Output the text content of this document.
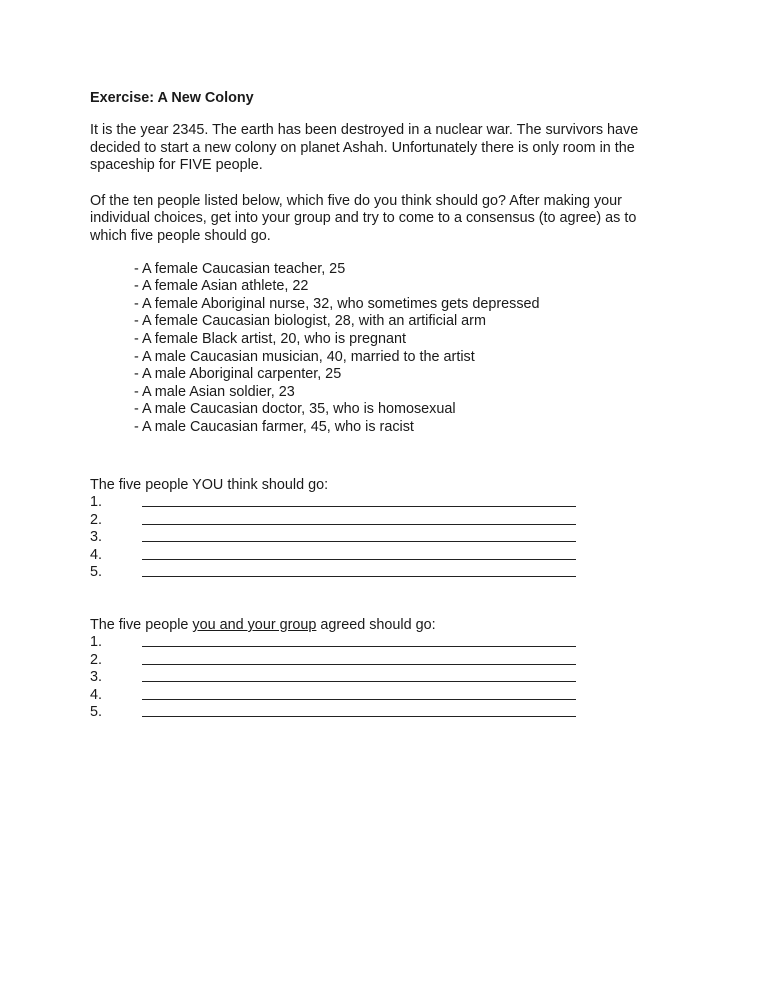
Exercise: A New Colony

It is the year 2345. The earth has been destroyed in a nuclear war. The survivors have decided to start a new colony on planet Ashah. Unfortunately there is only room in the spaceship for FIVE people.

Of the ten people listed below, which five do you think should go? After making your individual choices, get into your group and try to come to a consensus (to agree) as to which five people should go.

- A female Caucasian teacher, 25
- A female Asian athlete, 22
- A female Aboriginal nurse, 32, who sometimes gets depressed
- A female Caucasian biologist, 28, with an artificial arm
- A female Black artist, 20, who is pregnant
- A male Caucasian musician, 40, married to the artist
- A male Aboriginal carpenter, 25
- A male Asian soldier, 23
- A male Caucasian doctor, 35, who is homosexual
- A male Caucasian farmer, 45, who is racist

The five people YOU think should go:

1.
2.
3.
4.
5.

The five people you and your group agreed should go:

1.
2.
3.
4.
5.
